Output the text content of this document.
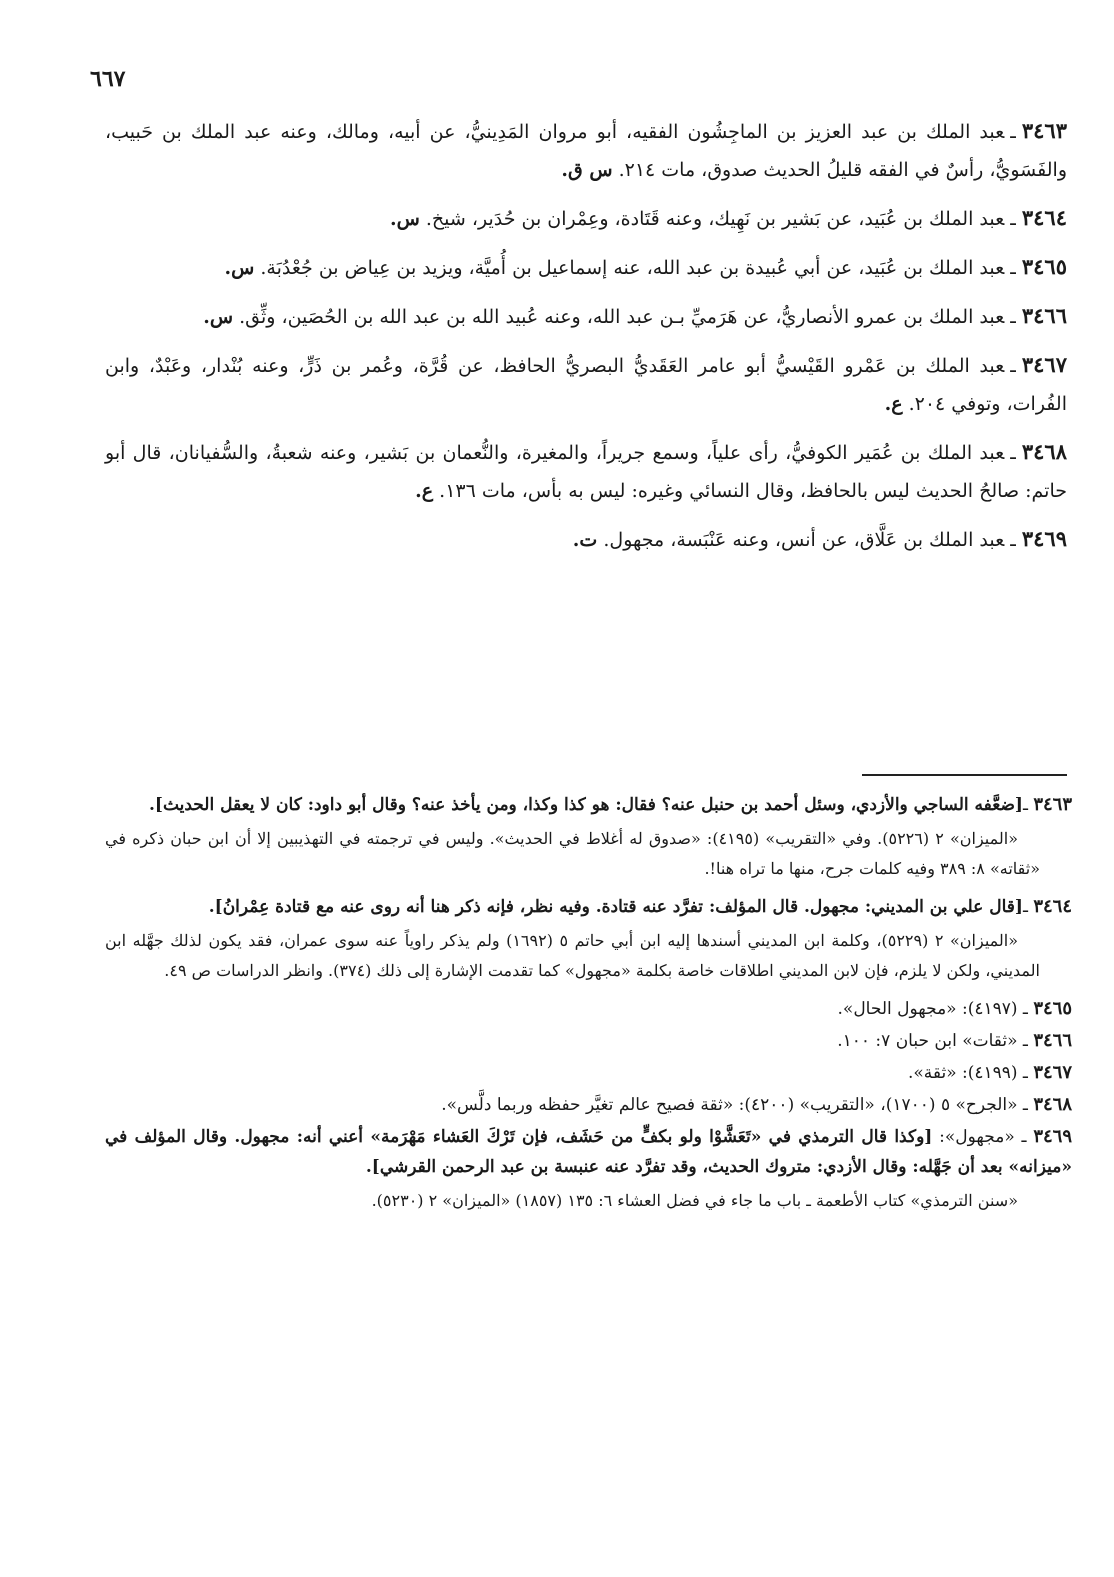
٦٦٧

٣٤٦٣ـعبد الملك بن عبد العزيز بن الماجِشُون الفقيه، أبو مروان المَدِينيُّ، عن أبيه، ومالك، وعنه عبد الملك بن حَبيب، والفَسَويُّ، رأسٌ في الفقه قليلُ الحديث صدوق، مات ٢١٤. س ق.

٣٤٦٤ـعبد الملك بن عُبَيد، عن بَشير بن نَهِيك، وعنه قَتَادة، وعِمْران بن حُدَير، شيخ. س.

٣٤٦٥ـعبد الملك بن عُبَيد، عن أبي عُبيدة بن عبد الله، عنه إسماعيل بن أُميَّة، ويزيد بن عِياض بن جُعْدُبَة. س.

٣٤٦٦ـعبد الملك بن عمرو الأنصاريُّ، عن هَرَميِّ بـن عبد الله، وعنه عُبيد الله بن عبد الله بن الحُصَين، وثِّق. س.

٣٤٦٧ـعبد الملك بن عَمْرو القَيْسيُّ أبو عامر العَقَديُّ البصريُّ الحافظ، عن قُرَّة، وعُمر بن ذَرٍّ، وعنه بُنْدار، وعَبْدٌ، وابن الفُرات، وتوفي ٢٠٤. ع.

٣٤٦٨ـعبد الملك بن عُمَير الكوفيُّ، رأى علياً، وسمع جريراً، والمغيرة، والنُّعمان بن بَشير، وعنه شعبةُ، والسُّفيانان، قال أبو حاتم: صالحُ الحديث ليس بالحافظ، وقال النسائي وغيره: ليس به بأس، مات ١٣٦. ع.

٣٤٦٩ـعبد الملك بن عَلَّاق، عن أنس، وعنه عَنْبَسة، مجهول. ت.

٣٤٦٣ ـ[ضعَّفه الساجي والأزدي، وسئل أحمد بن حنبل عنه؟ فقال: هو كذا وكذا، ومن يأخذ عنه؟ وقال أبو داود: كان لا يعقل الحديث].

«الميزان» ٢ (٥٢٢٦). وفي «التقريب» (٤١٩٥): «صدوق له أغلاط في الحديث». وليس في ترجمته في التهذيبين إلا أن ابن حبان ذكره في «ثقاته» ٨: ٣٨٩ وفيه كلمات جرح، منها ما تراه هنا!.

٣٤٦٤ ـ[قال علي بن المديني: مجهول. قال المؤلف: تفرَّد عنه قتادة. وفيه نظر، فإنه ذكر هنا أنه روى عنه مع قتادة عِمْرانُ].

«الميزان» ٢ (٥٢٢٩)، وكلمة ابن المديني أسندها إليه ابن أبي حاتم ٥ (١٦٩٢) ولم يذكر راوياً عنه سوى عمران، فقد يكون لذلك جهَّله ابن المديني، ولكن لا يلزم، فإن لابن المديني اطلاقات خاصة بكلمة «مجهول» كما تقدمت الإشارة إلى ذلك (٣٧٤). وانظر الدراسات ص ٤٩.

٣٤٦٥ ـ (٤١٩٧): «مجهول الحال».

٣٤٦٦ ـ «ثقات» ابن حبان ٧: ١٠٠.

٣٤٦٧ ـ (٤١٩٩): «ثقة».

٣٤٦٨ ـ «الجرح» ٥ (١٧٠٠)، «التقريب» (٤٢٠٠): «ثقة فصيح عالم تغيَّر حفظه وربما دلَّس».

٣٤٦٩ ـ «مجهول»: [وكذا قال الترمذي في «تَعَشَّوْا ولو بكفٍّ من حَشَف، فإن تَرْكَ العَشاء مَهْرَمة» أعني أنه: مجهول. وقال المؤلف في «ميزانه» بعد أن جَهَّله: وقال الأزدي: متروك الحديث، وقد تفرَّد عنه عنبسة بن عبد الرحمن القرشي].

«سنن الترمذي» كتاب الأطعمة ـ باب ما جاء في فضل العشاء ٦: ١٣٥ (١٨٥٧) «الميزان» ٢ (٥٢٣٠).
